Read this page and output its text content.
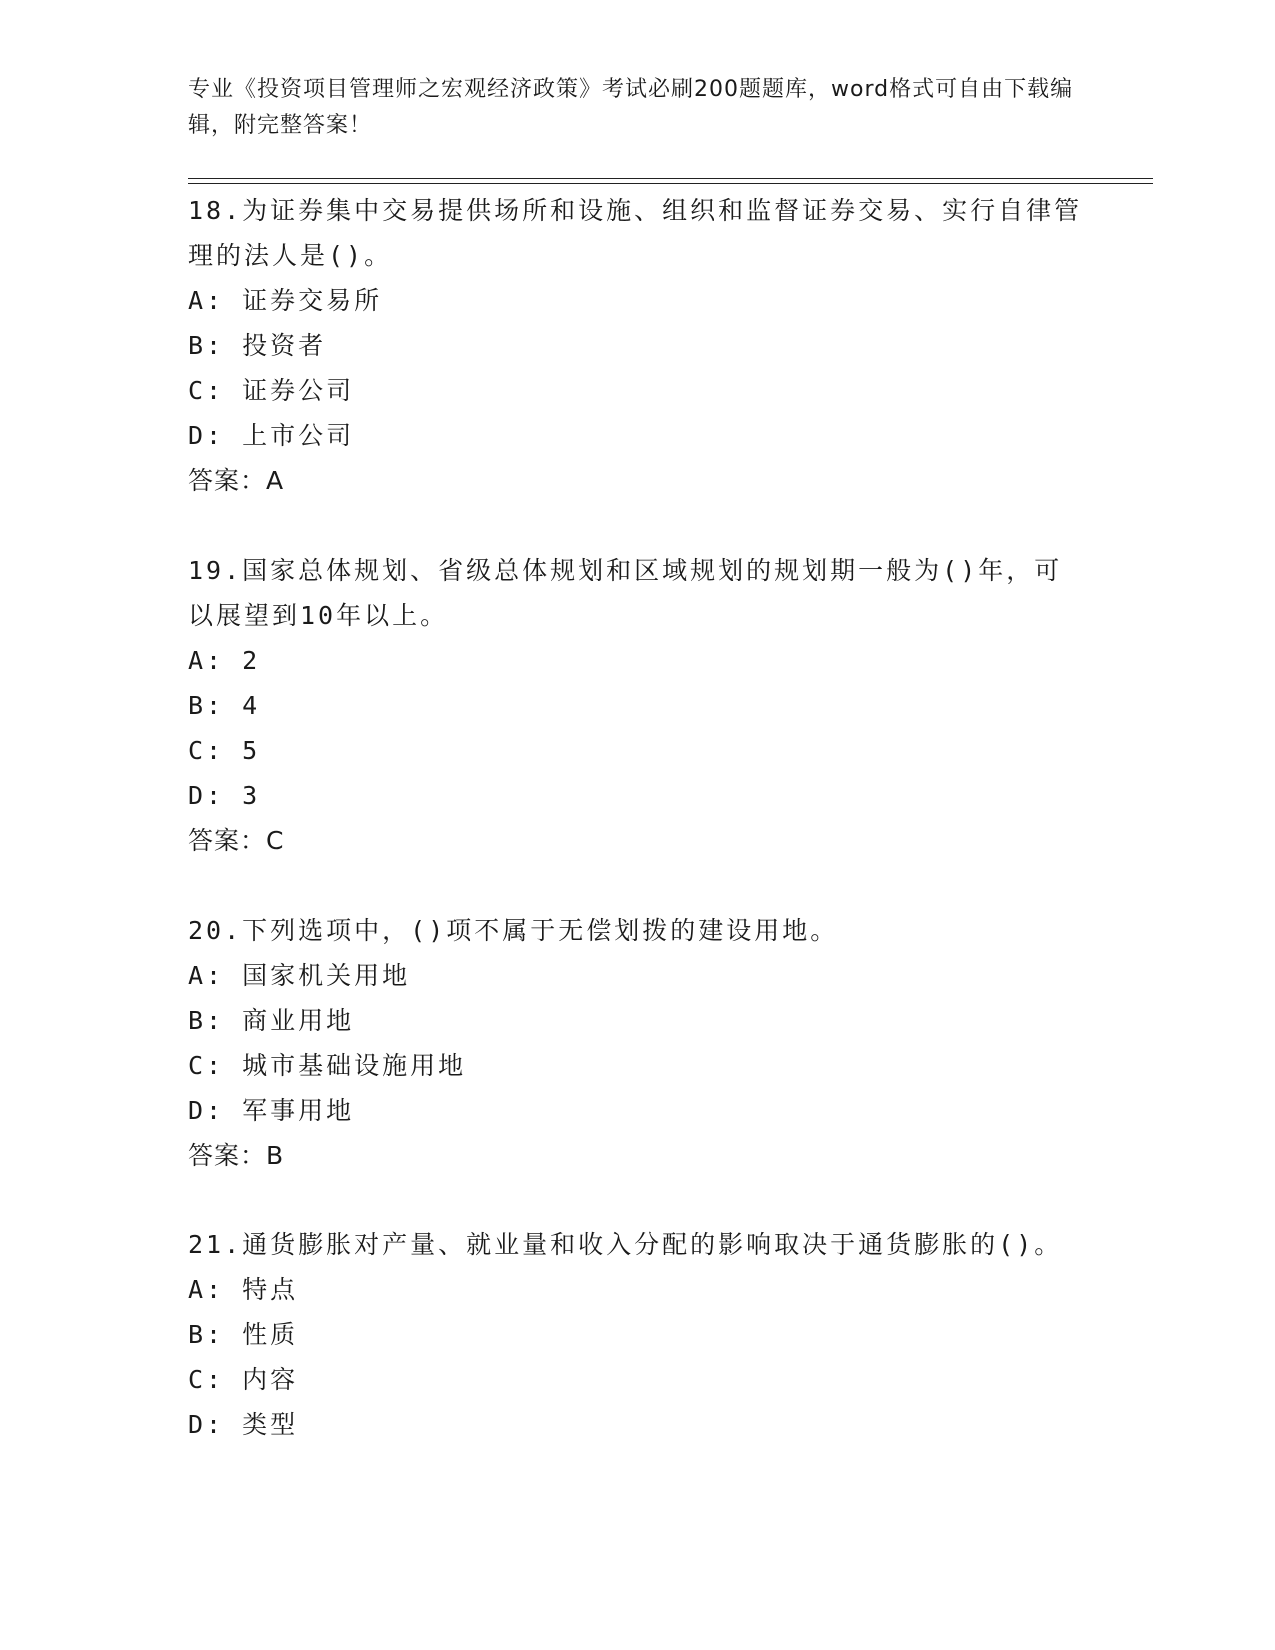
专业《投资项目管理师之宏观经济政策》考试必刷200题题库，word格式可自由下载编辑，附完整答案！

18.为证券集中交易提供场所和设施、组织和监督证券交易、实行自律管理的法人是()。

A: 证券交易所

B: 投资者

C: 证券公司

D: 上市公司

答案：A

19.国家总体规划、省级总体规划和区域规划的规划期一般为()年，可以展望到10年以上。

A: 2

B: 4

C: 5

D: 3

答案：C

20.下列选项中，()项不属于无偿划拨的建设用地。

A: 国家机关用地

B: 商业用地

C: 城市基础设施用地

D: 军事用地

答案：B

21.通货膨胀对产量、就业量和收入分配的影响取决于通货膨胀的()。

A: 特点

B: 性质

C: 内容

D: 类型
